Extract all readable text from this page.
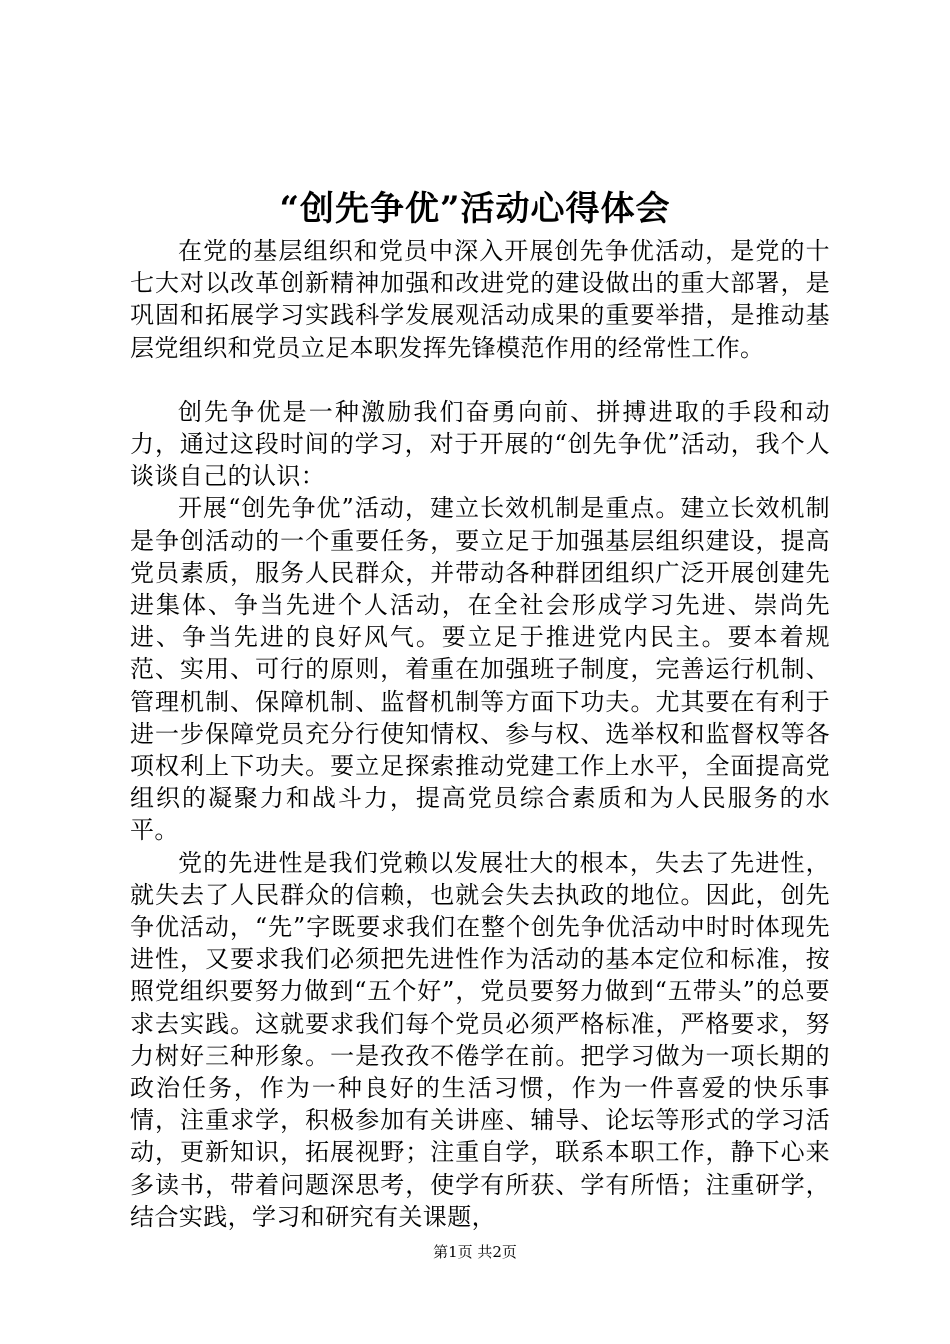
“创先争优”活动心得体会

在党的基层组织和党员中深入开展创先争优活动，是党的十七大对以改革创新精神加强和改进党的建设做出的重大部署，是巩固和拓展学习实践科学发展观活动成果的重要举措，是推动基层党组织和党员立足本职发挥先锋模范作用的经常性工作。

创先争优是一种激励我们奋勇向前、拼搏进取的手段和动力，通过这段时间的学习，对于开展的“创先争优”活动，我个人谈谈自己的认识：

开展“创先争优”活动，建立长效机制是重点。建立长效机制是争创活动的一个重要任务，要立足于加强基层组织建设，提高党员素质，服务人民群众，并带动各种群团组织广泛开展创建先进集体、争当先进个人活动，在全社会形成学习先进、崇尚先进、争当先进的良好风气。要立足于推进党内民主。要本着规范、实用、可行的原则，着重在加强班子制度，完善运行机制、管理机制、保障机制、监督机制等方面下功夫。尤其要在有利于进一步保障党员充分行使知情权、参与权、选举权和监督权等各项权利上下功夫。要立足探索推动党建工作上水平，全面提高党组织的凝聚力和战斗力，提高党员综合素质和为人民服务的水平。

党的先进性是我们党赖以发展壮大的根本，失去了先进性，就失去了人民群众的信赖，也就会失去执政的地位。因此，创先争优活动，“先”字既要求我们在整个创先争优活动中时时体现先进性，又要求我们必须把先进性作为活动的基本定位和标准，按照党组织要努力做到“五个好”，党员要努力做到“五带头”的总要求去实践。这就要求我们每个党员必须严格标准，严格要求，努力树好三种形象。一是孜孜不倦学在前。把学习做为一项长期的政治任务，作为一种良好的生活习惯，作为一件喜爱的快乐事情，注重求学，积极参加有关讲座、辅导、论坛等形式的学习活动，更新知识，拓展视野；注重自学，联系本职工作，静下心来多读书，带着问题深思考，使学有所获、学有所悟；注重研学，结合实践，学习和研究有关课题，

第1页 共2页
